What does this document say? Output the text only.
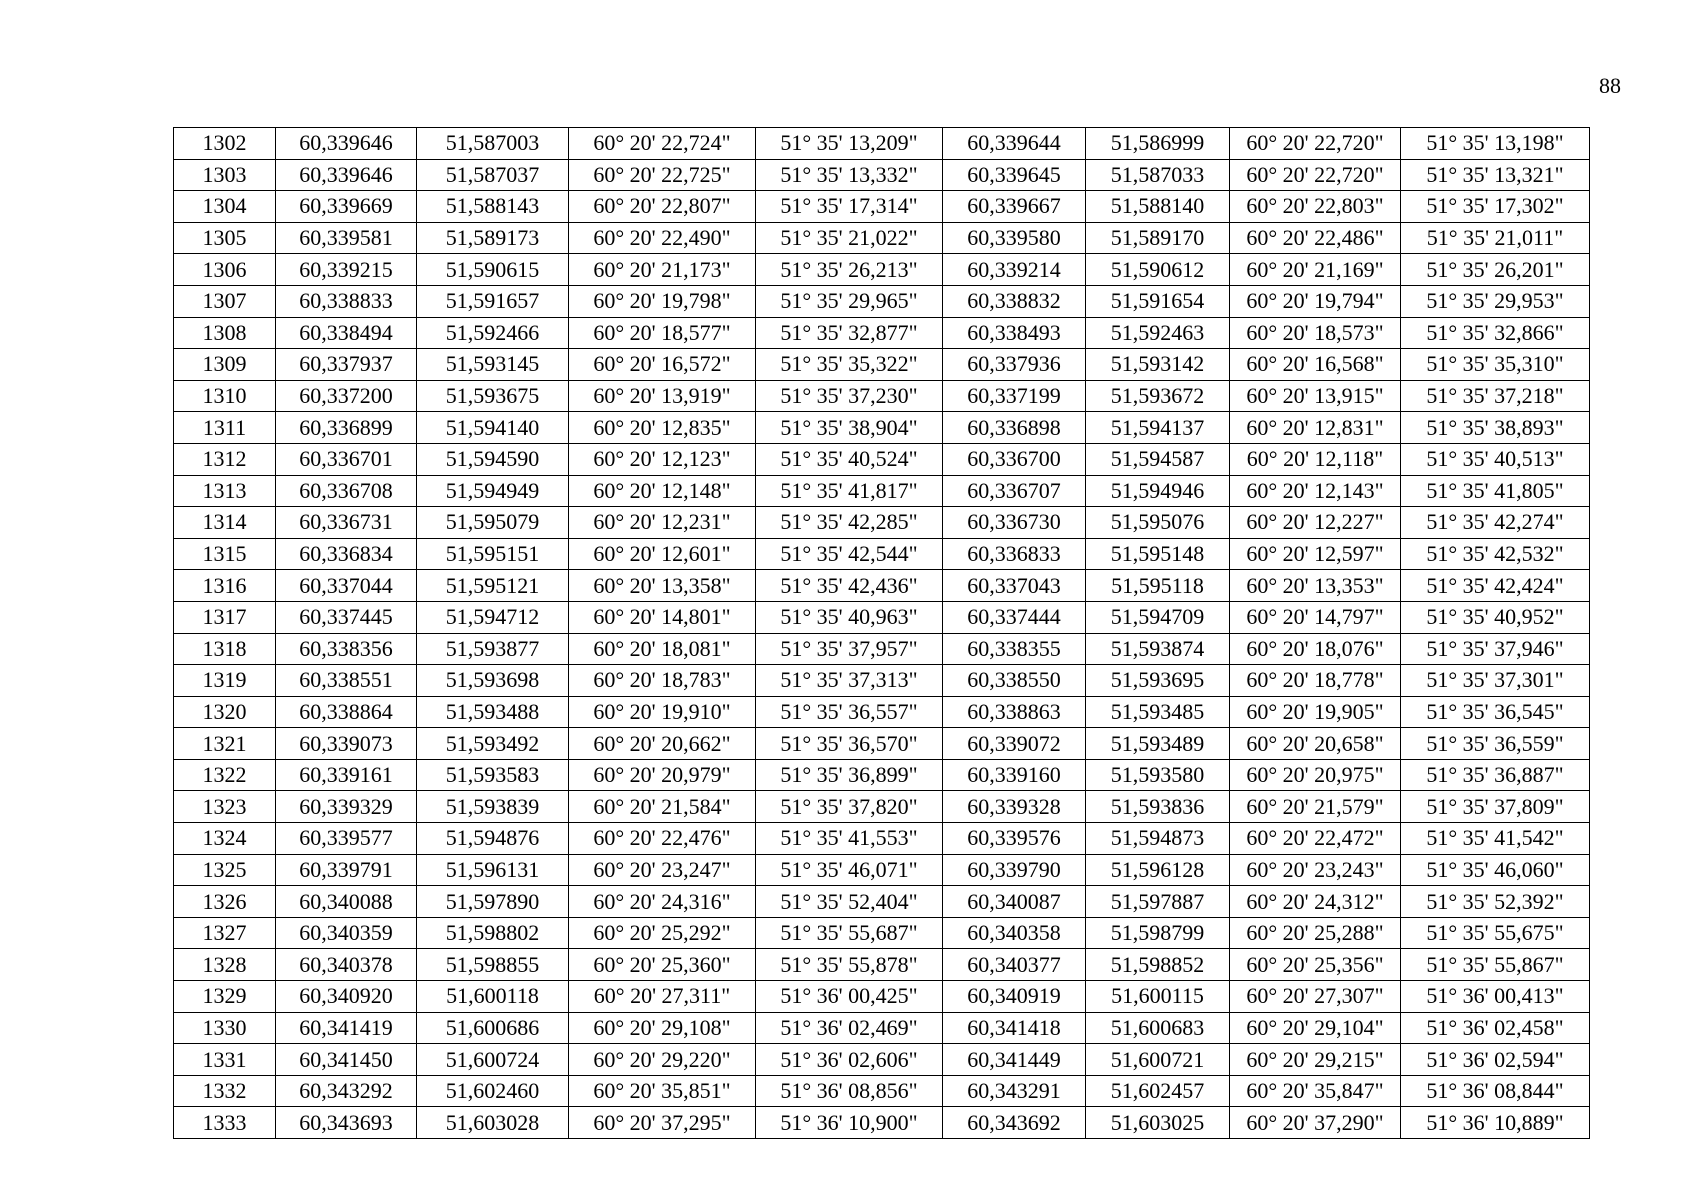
88
1302	60,339646	51,587003	60° 20' 22,724"	51° 35' 13,209"	60,339644	51,586999	60° 20' 22,720"	51° 35' 13,198"
1303	60,339646	51,587037	60° 20' 22,725"	51° 35' 13,332"	60,339645	51,587033	60° 20' 22,720"	51° 35' 13,321"
1304	60,339669	51,588143	60° 20' 22,807"	51° 35' 17,314"	60,339667	51,588140	60° 20' 22,803"	51° 35' 17,302"
1305	60,339581	51,589173	60° 20' 22,490"	51° 35' 21,022"	60,339580	51,589170	60° 20' 22,486"	51° 35' 21,011"
1306	60,339215	51,590615	60° 20' 21,173"	51° 35' 26,213"	60,339214	51,590612	60° 20' 21,169"	51° 35' 26,201"
1307	60,338833	51,591657	60° 20' 19,798"	51° 35' 29,965"	60,338832	51,591654	60° 20' 19,794"	51° 35' 29,953"
1308	60,338494	51,592466	60° 20' 18,577"	51° 35' 32,877"	60,338493	51,592463	60° 20' 18,573"	51° 35' 32,866"
1309	60,337937	51,593145	60° 20' 16,572"	51° 35' 35,322"	60,337936	51,593142	60° 20' 16,568"	51° 35' 35,310"
1310	60,337200	51,593675	60° 20' 13,919"	51° 35' 37,230"	60,337199	51,593672	60° 20' 13,915"	51° 35' 37,218"
1311	60,336899	51,594140	60° 20' 12,835"	51° 35' 38,904"	60,336898	51,594137	60° 20' 12,831"	51° 35' 38,893"
1312	60,336701	51,594590	60° 20' 12,123"	51° 35' 40,524"	60,336700	51,594587	60° 20' 12,118"	51° 35' 40,513"
1313	60,336708	51,594949	60° 20' 12,148"	51° 35' 41,817"	60,336707	51,594946	60° 20' 12,143"	51° 35' 41,805"
1314	60,336731	51,595079	60° 20' 12,231"	51° 35' 42,285"	60,336730	51,595076	60° 20' 12,227"	51° 35' 42,274"
1315	60,336834	51,595151	60° 20' 12,601"	51° 35' 42,544"	60,336833	51,595148	60° 20' 12,597"	51° 35' 42,532"
1316	60,337044	51,595121	60° 20' 13,358"	51° 35' 42,436"	60,337043	51,595118	60° 20' 13,353"	51° 35' 42,424"
1317	60,337445	51,594712	60° 20' 14,801"	51° 35' 40,963"	60,337444	51,594709	60° 20' 14,797"	51° 35' 40,952"
1318	60,338356	51,593877	60° 20' 18,081"	51° 35' 37,957"	60,338355	51,593874	60° 20' 18,076"	51° 35' 37,946"
1319	60,338551	51,593698	60° 20' 18,783"	51° 35' 37,313"	60,338550	51,593695	60° 20' 18,778"	51° 35' 37,301"
1320	60,338864	51,593488	60° 20' 19,910"	51° 35' 36,557"	60,338863	51,593485	60° 20' 19,905"	51° 35' 36,545"
1321	60,339073	51,593492	60° 20' 20,662"	51° 35' 36,570"	60,339072	51,593489	60° 20' 20,658"	51° 35' 36,559"
1322	60,339161	51,593583	60° 20' 20,979"	51° 35' 36,899"	60,339160	51,593580	60° 20' 20,975"	51° 35' 36,887"
1323	60,339329	51,593839	60° 20' 21,584"	51° 35' 37,820"	60,339328	51,593836	60° 20' 21,579"	51° 35' 37,809"
1324	60,339577	51,594876	60° 20' 22,476"	51° 35' 41,553"	60,339576	51,594873	60° 20' 22,472"	51° 35' 41,542"
1325	60,339791	51,596131	60° 20' 23,247"	51° 35' 46,071"	60,339790	51,596128	60° 20' 23,243"	51° 35' 46,060"
1326	60,340088	51,597890	60° 20' 24,316"	51° 35' 52,404"	60,340087	51,597887	60° 20' 24,312"	51° 35' 52,392"
1327	60,340359	51,598802	60° 20' 25,292"	51° 35' 55,687"	60,340358	51,598799	60° 20' 25,288"	51° 35' 55,675"
1328	60,340378	51,598855	60° 20' 25,360"	51° 35' 55,878"	60,340377	51,598852	60° 20' 25,356"	51° 35' 55,867"
1329	60,340920	51,600118	60° 20' 27,311"	51° 36' 00,425"	60,340919	51,600115	60° 20' 27,307"	51° 36' 00,413"
1330	60,341419	51,600686	60° 20' 29,108"	51° 36' 02,469"	60,341418	51,600683	60° 20' 29,104"	51° 36' 02,458"
1331	60,341450	51,600724	60° 20' 29,220"	51° 36' 02,606"	60,341449	51,600721	60° 20' 29,215"	51° 36' 02,594"
1332	60,343292	51,602460	60° 20' 35,851"	51° 36' 08,856"	60,343291	51,602457	60° 20' 35,847"	51° 36' 08,844"
1333	60,343693	51,603028	60° 20' 37,295"	51° 36' 10,900"	60,343692	51,603025	60° 20' 37,290"	51° 36' 10,889"
